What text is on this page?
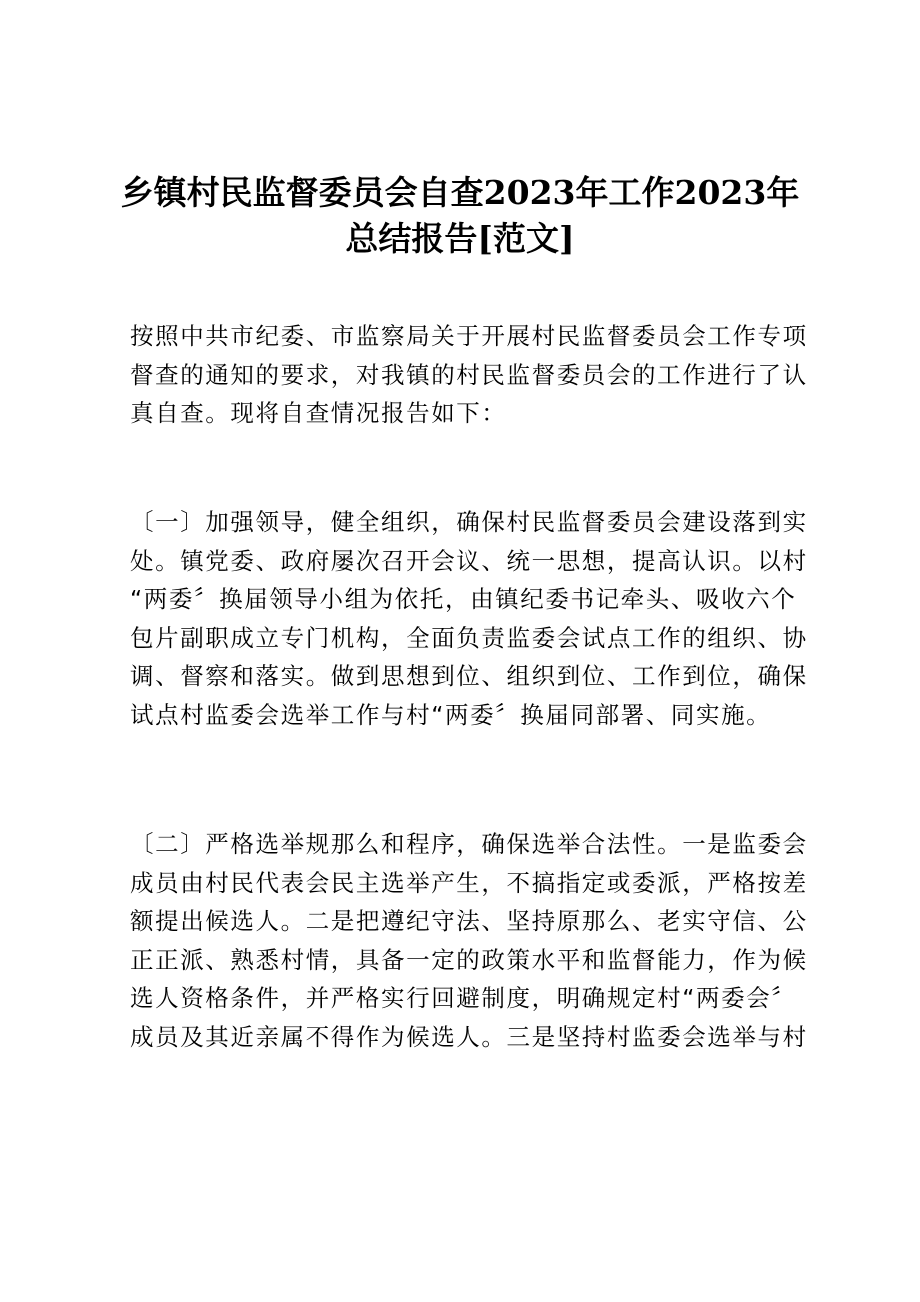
乡镇村民监督委员会自查2023年工作2023年
总结报告[范文]
按照中共市纪委、市监察局关于开展村民监督委员会工作专项
督查的通知的要求，对我镇的村民监督委员会的工作进行了认
真自查。现将自查情况报告如下：
〔一〕加强领导，健全组织，确保村民监督委员会建设落到实
处。镇党委、政府屡次召开会议、统一思想，提高认识。以村
“两委〞换届领导小组为依托，由镇纪委书记牵头、吸收六个
包片副职成立专门机构，全面负责监委会试点工作的组织、协
调、督察和落实。做到思想到位、组织到位、工作到位，确保
试点村监委会选举工作与村“两委〞换届同部署、同实施。
〔二〕严格选举规那么和程序，确保选举合法性。一是监委会
成员由村民代表会民主选举产生，不搞指定或委派，严格按差
额提出候选人。二是把遵纪守法、坚持原那么、老实守信、公
正正派、熟悉村情，具备一定的政策水平和监督能力，作为候
选人资格条件，并严格实行回避制度，明确规定村“两委会〞
成员及其近亲属不得作为候选人。三是坚持村监委会选举与村
